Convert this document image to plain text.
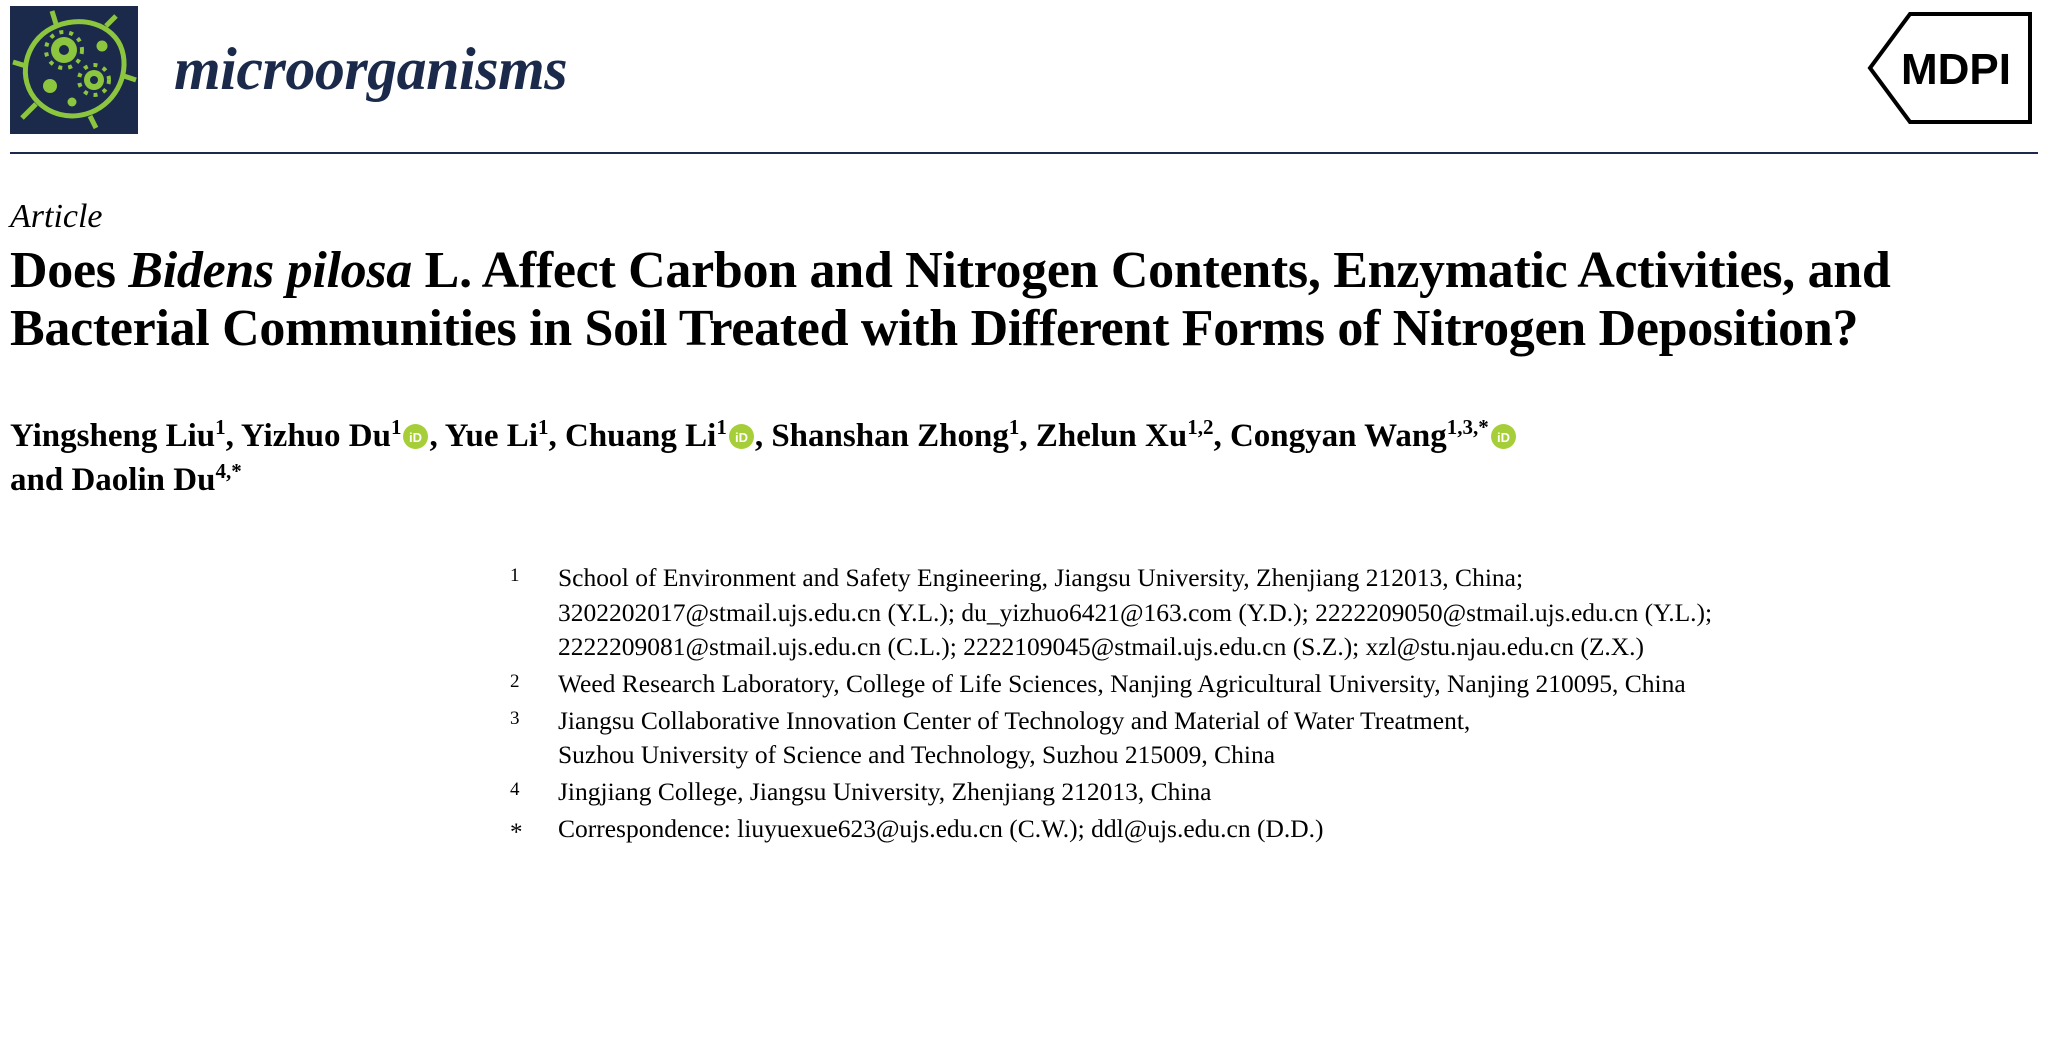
microorganisms	MDPI
Article
Does Bidens pilosa L. Affect Carbon and Nitrogen Contents, Enzymatic Activities, and Bacterial Communities in Soil Treated with Different Forms of Nitrogen Deposition?
Yingsheng Liu$^1$, Yizhuo Du$^1$ iD , Yue Li$^1$, Chuang Li$^1$ iD , Shanshan Zhong$^1$, Zhelun Xu$^{1,2}$, Congyan Wang$^{1,3,*}$ iD

and Daolin $Du^{4,*}$
1	School of Environment and Safety Engineering, Jiangsu University, Zhenjiang 212013, China;
3202202017@stmail.ujs.edu.cn (Y.L.); du_yizhuo6421@163.com (Y.D.); 2222209050@stmail.ujs.edu.cn (Y.L.);
2222209081@stmail.ujs.edu.cn (C.L.); 2222109045@stmail.ujs.edu.cn (S.Z.); xzl@stu.njau.edu.cn (Z.X.)
2	Weed Research Laboratory, College of Life Sciences, Nanjing Agricultural University, Nanjing 210095, China
3	Jiangsu Collaborative Innovation Center of Technology and Material of Water Treatment,
Suzhou University of Science and Technology, Suzhou 215009, China
4	Jingjiang College, Jiangsu University, Zhenjiang 212013, China
*	Correspondence: liuyuexue623@ujs.edu.cn (C.W.); ddl@ujs.edu.cn (D.D.)
